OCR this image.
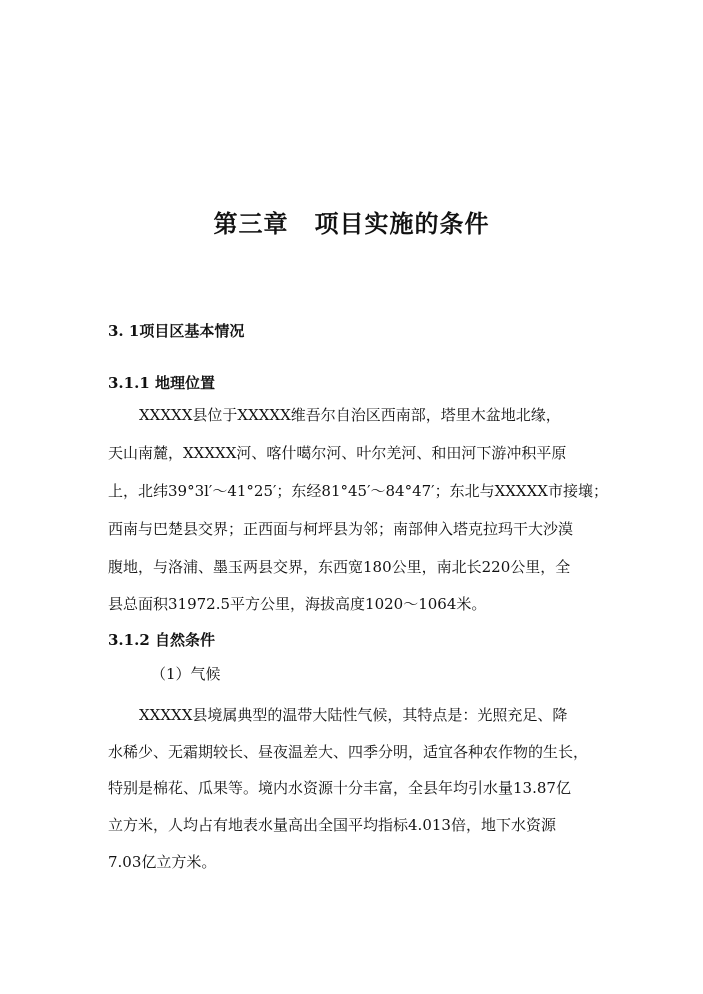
第三章 项目实施的条件
3. 1项目区基本情况
3.1.1 地理位置
XXXXX县位于XXXXX维吾尔自治区西南部，塔里木盆地北缘，
天山南麓，XXXXX河、喀什噶尔河、叶尔羌河、和田河下游冲积平原
上，北纬39°3l′～41°25′；东经81°45′～84°47′；东北与XXXXX市接壤；
西南与巴楚县交界；正西面与柯坪县为邻；南部伸入塔克拉玛干大沙漠
腹地，与洛浦、墨玉两县交界，东西宽180公里，南北长220公里，全
县总面积31972.5平方公里，海拔高度1020～1064米。
3.1.2 自然条件
（1）气候
XXXXX县境属典型的温带大陆性气候，其特点是：光照充足、降
水稀少、无霜期较长、昼夜温差大、四季分明，适宜各种农作物的生长，
特别是棉花、瓜果等。境内水资源十分丰富，全县年均引水量13.87亿
立方米，人均占有地表水量高出全国平均指标4.013倍，地下水资源
7.03亿立方米。
